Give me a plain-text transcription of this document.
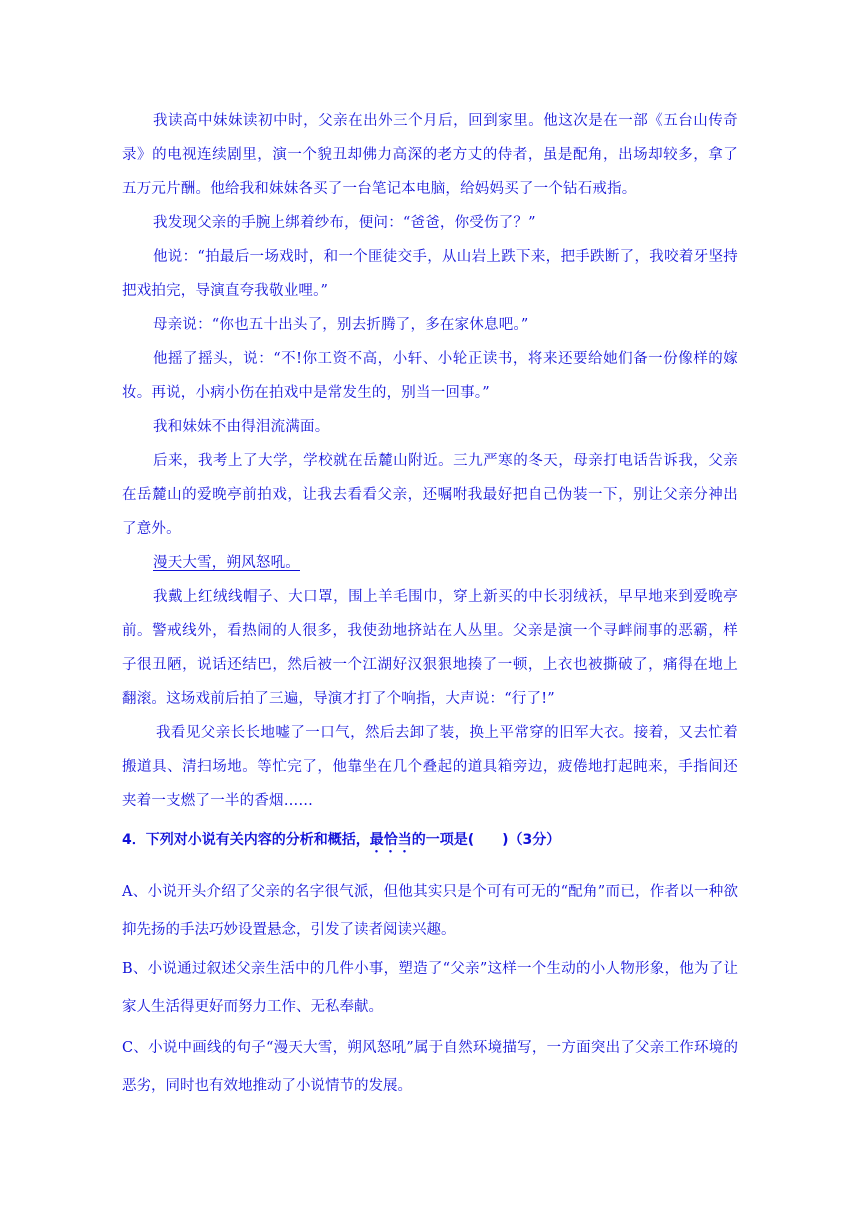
我读高中妹妹读初中时，父亲在出外三个月后，回到家里。他这次是在一部《五台山传奇录》的电视连续剧里，演一个貌丑却佛力高深的老方丈的侍者，虽是配角，出场却较多，拿了五万元片酬。他给我和妹妹各买了一台笔记本电脑，给妈妈买了一个钻石戒指。

我发现父亲的手腕上绑着纱布，便问：“爸爸，你受伤了？”

他说：“拍最后一场戏时，和一个匪徒交手，从山岩上跌下来，把手跌断了，我咬着牙坚持把戏拍完，导演直夸我敬业哩。”

母亲说：“你也五十出头了，别去折腾了，多在家休息吧。”

他摇了摇头，说：“不!你工资不高，小轩、小轮正读书，将来还要给她们备一份像样的嫁妆。再说，小病小伤在拍戏中是常发生的，别当一回事。”

我和妹妹不由得泪流满面。

后来，我考上了大学，学校就在岳麓山附近。三九严寒的冬天，母亲打电话告诉我，父亲在岳麓山的爱晚亭前拍戏，让我去看看父亲，还嘱咐我最好把自己伪装一下，别让父亲分神出了意外。

漫天大雪，朔风怒吼。

我戴上红绒线帽子、大口罩，围上羊毛围巾，穿上新买的中长羽绒袄，早早地来到爱晚亭前。警戒线外，看热闹的人很多，我使劲地挤站在人丛里。父亲是演一个寻衅闹事的恶霸，样子很丑陋，说话还结巴，然后被一个江湖好汉狠狠地揍了一顿，上衣也被撕破了，痛得在地上翻滚。这场戏前后拍了三遍，导演才打了个响指，大声说：“行了!”

我看见父亲长长地嘘了一口气，然后去卸了装，换上平常穿的旧军大衣。接着，又去忙着搬道具、清扫场地。等忙完了，他靠坐在几个叠起的道具箱旁边，疲倦地打起盹来，手指间还夹着一支燃了一半的香烟……

4．下列对小说有关内容的分析和概括，最恰当的一项是(　　)（3分）

A、小说开头介绍了父亲的名字很气派，但他其实只是个可有可无的“配角”而已，作者以一种欲抑先扬的手法巧妙设置悬念，引发了读者阅读兴趣。

B、小说通过叙述父亲生活中的几件小事，塑造了“父亲”这样一个生动的小人物形象，他为了让家人生活得更好而努力工作、无私奉献。

C、小说中画线的句子“漫天大雪，朔风怒吼”属于自然环境描写，一方面突出了父亲工作环境的恶劣，同时也有效地推动了小说情节的发展。
